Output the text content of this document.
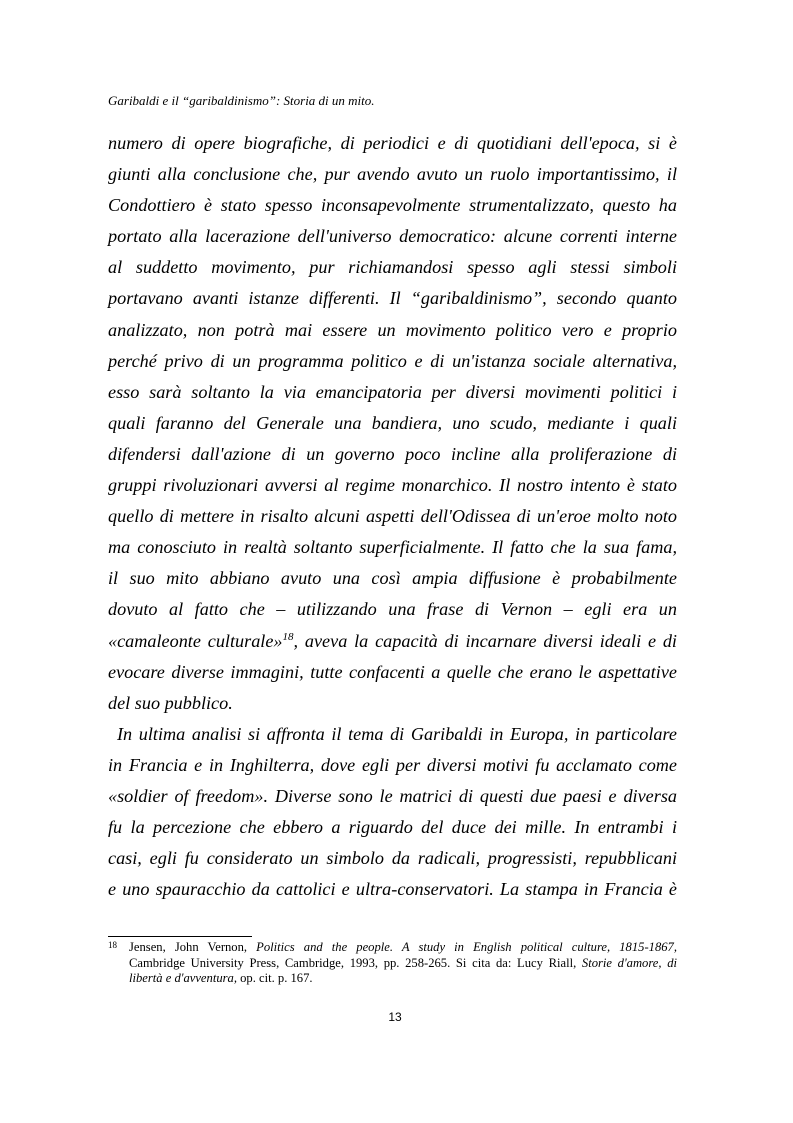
Garibaldi e il “garibaldinismo”: Storia di un mito.
numero di opere biografiche, di periodici e di quotidiani dell'epoca, si è
giunti alla conclusione che, pur avendo avuto un ruolo importantissimo, il
Condottiero è stato spesso inconsapevolmente strumentalizzato, questo ha
portato alla lacerazione dell'universo democratico: alcune correnti interne
al suddetto movimento, pur richiamandosi spesso agli stessi simboli
portavano avanti istanze differenti. Il “garibaldinismo”, secondo quanto
analizzato, non potrà mai essere un movimento politico vero e proprio
perché privo di un programma politico e di un'istanza sociale alternativa,
esso sarà soltanto la via emancipatoria per diversi movimenti politici i
quali faranno del Generale una bandiera, uno scudo, mediante i quali
difendersi dall'azione di un governo poco incline alla proliferazione di
gruppi rivoluzionari avversi al regime monarchico. Il nostro intento è stato
quello di mettere in risalto alcuni aspetti dell'Odissea di un'eroe molto noto
ma conosciuto in realtà soltanto superficialmente. Il fatto che la sua fama,
il suo mito abbiano avuto una così ampia diffusione è probabilmente
dovuto al fatto che – utilizzando una frase di Vernon – egli era un
«camaleonte culturale»$^{18}$, aveva la capacità di incarnare diversi ideali e di
evocare diverse immagini, tutte confacenti a quelle che erano le aspettative
del suo pubblico.
In ultima analisi si affronta il tema di Garibaldi in Europa, in particolare
in Francia e in Inghilterra, dove egli per diversi motivi fu acclamato come
«soldier of freedom». Diverse sono le matrici di questi due paesi e diversa
fu la percezione che ebbero a riguardo del duce dei mille. In entrambi i
casi, egli fu considerato un simbolo da radicali, progressisti, repubblicani
e uno spauracchio da cattolici e ultra-conservatori. La stampa in Francia è
18 Jensen, John Vernon, Politics and the people. A study in English political culture, 1815-1867,
Cambridge University Press, Cambridge, 1993, pp. 258-265. Si cita da: Lucy Riall, Storie d'amore, di
libertà e d'avventura, op. cit. p. 167.
13
